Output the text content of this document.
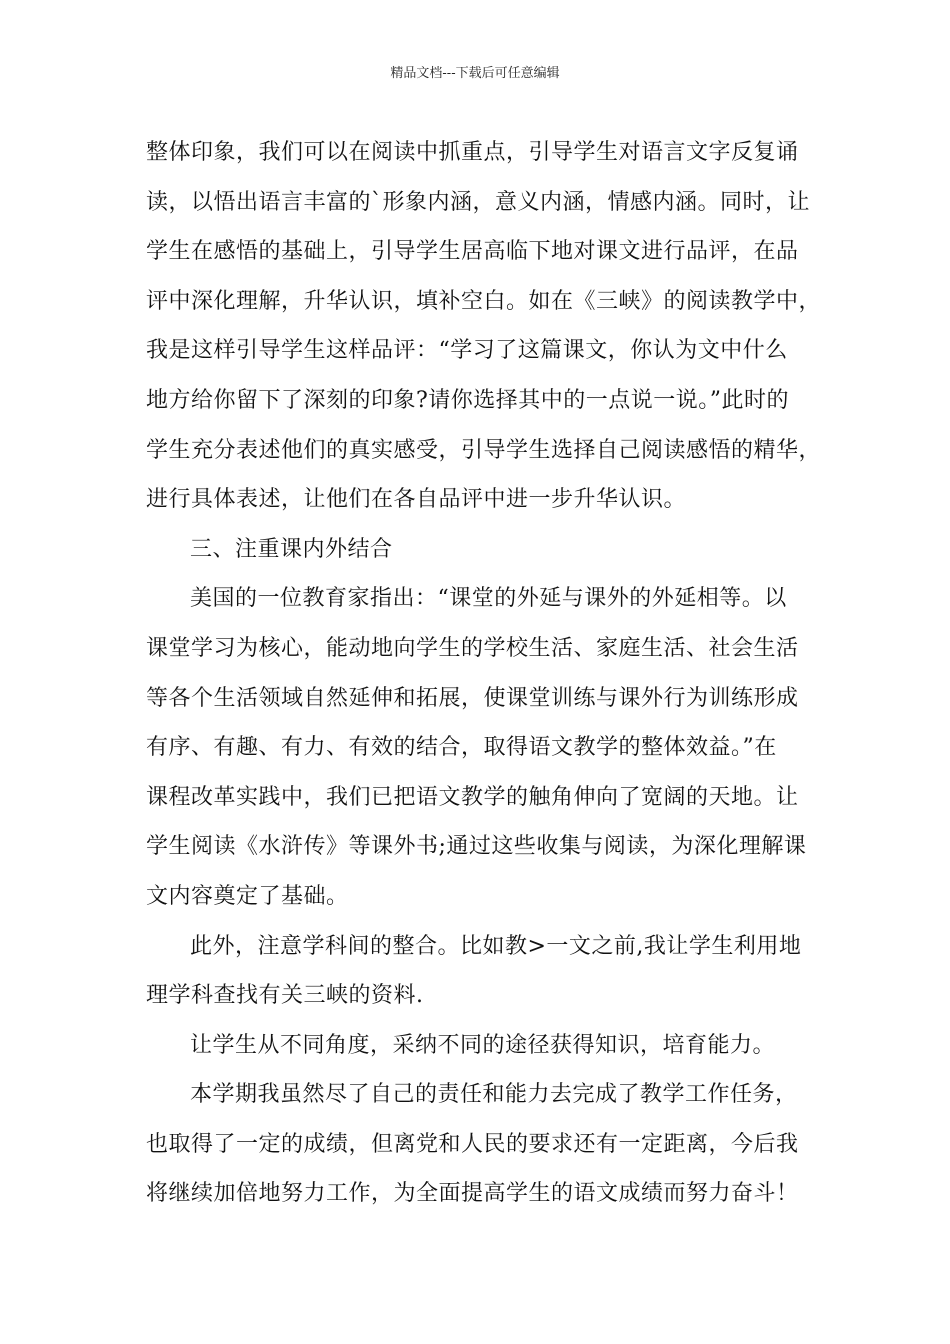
精品文档---下载后可任意编辑
整体印象，我们可以在阅读中抓重点，引导学生对语言文字反复诵
读，以悟出语言丰富的`形象内涵，意义内涵，情感内涵。同时，让
学生在感悟的基础上，引导学生居高临下地对课文进行品评，在品
评中深化理解，升华认识，填补空白。如在《三峡》的阅读教学中，
我是这样引导学生这样品评：“学习了这篇课文，你认为文中什么
地方给你留下了深刻的印象?请你选择其中的一点说一说。”此时的
学生充分表述他们的真实感受，引导学生选择自己阅读感悟的精华，
进行具体表述，让他们在各自品评中进一步升华认识。
三、注重课内外结合
美国的一位教育家指出：“课堂的外延与课外的外延相等。以
课堂学习为核心，能动地向学生的学校生活、家庭生活、社会生活
等各个生活领域自然延伸和拓展，使课堂训练与课外行为训练形成
有序、有趣、有力、有效的结合，取得语文教学的整体效益。”在
课程改革实践中，我们已把语文教学的触角伸向了宽阔的天地。让
学生阅读《水浒传》等课外书;通过这些收集与阅读，为深化理解课
文内容奠定了基础。
此外，注意学科间的整合。比如教>一文之前,我让学生利用地
理学科查找有关三峡的资料.
让学生从不同角度，采纳不同的途径获得知识，培育能力。
本学期我虽然尽了自己的责任和能力去完成了教学工作任务，
也取得了一定的成绩，但离党和人民的要求还有一定距离，今后我
将继续加倍地努力工作，为全面提高学生的语文成绩而努力奋斗！
